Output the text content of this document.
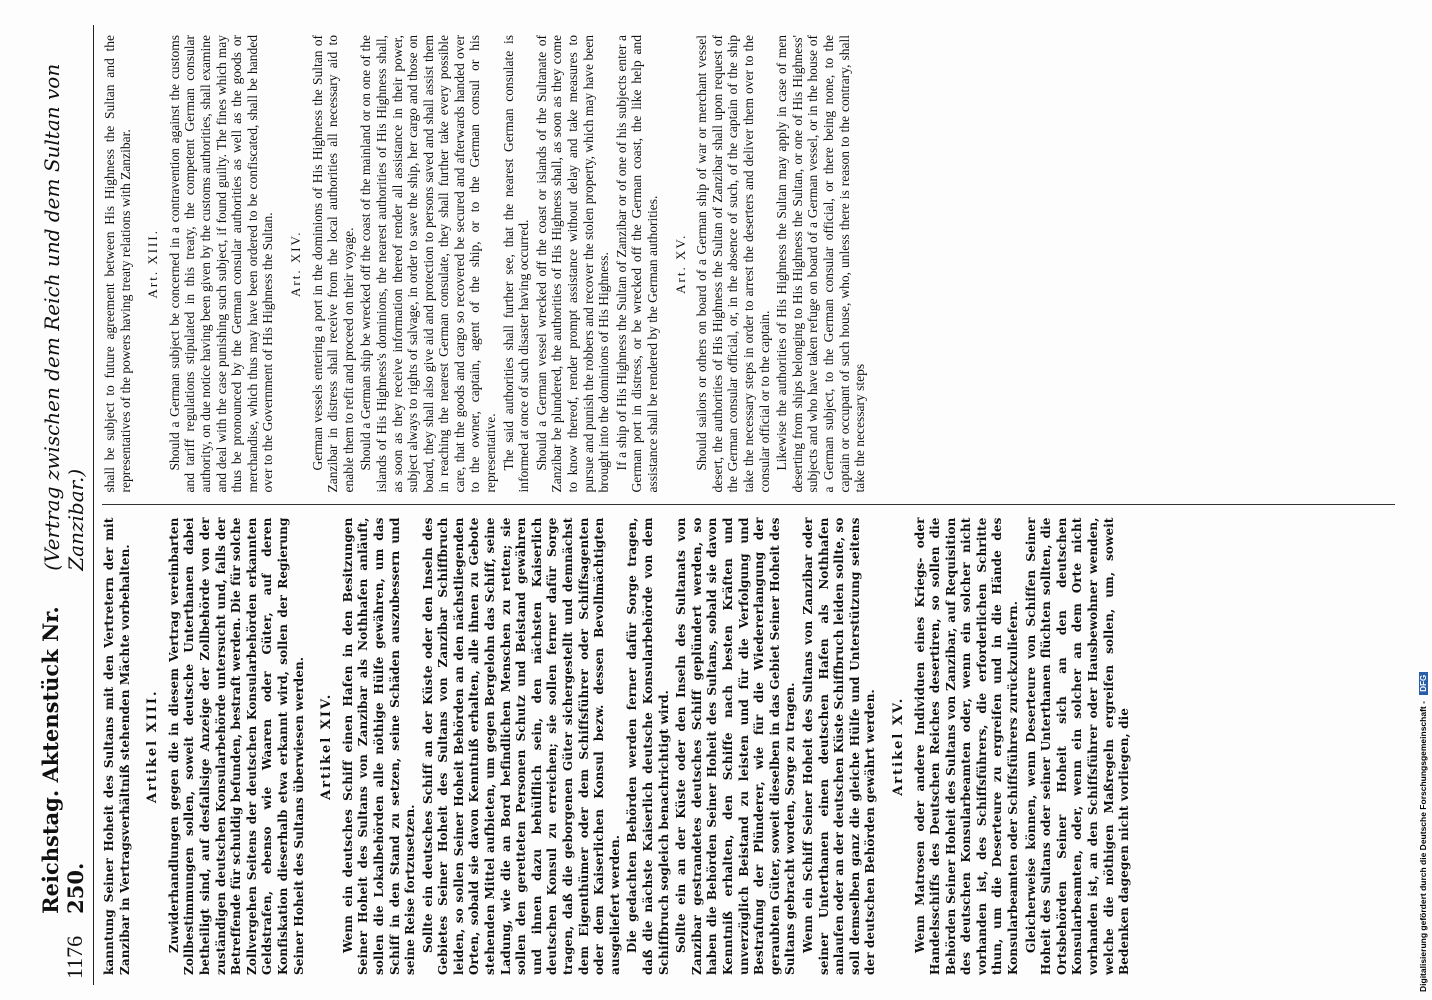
1176
Reichstag. Aktenstück Nr. 250.
(Vertrag zwischen dem Reich und dem Sultan von Zanzibar.) kanntung Seiner Hoheit des Sultans mit den Vertretern der mit Zanzibar in Vertragsverhältniß stehenden Mächte vorbehalten. Artikel XIII. Zuwiderhandlungen gegen die in diesem Vertrag vereinbarten Zollbestimmungen sollen, soweit deutsche Unterthanen dabei betheiligt sind, auf desfallsige Anzeige der Zollbehörde von der zuständigen deutschen Konsularbehörde untersucht und, falls der Betreffende für schuldig befunden, bestraft werden. Die für solche Zollvergehen Seitens der deutschen Konsularbehörden erkannten Geldstrafen, ebenso wie Waaren oder Güter, auf deren Konfiskation dieserhalb etwa erkannt wird, sollen der Regierung Seiner Hoheit des Sultans überwiesen werden. Artikel XIV. Wenn ein deutsches Schiff einen Hafen in den Besitzungen Seiner Hoheit des Sultans von Zanzibar als Nothhafen anläuft, sollen die Lokalbehörden alle nöthige Hülfe gewähren, um das Schiff in den Stand zu setzen, seine Schäden auszubessern und seine Reise fortzusetzen. Sollte ein deutsches Schiff an der Küste oder den Inseln des Gebietes Seiner Hoheit des Sultans von Zanzibar Schiffbruch leiden, so sollen Seiner Hoheit Behörden an den nächstliegenden Orten, sobald sie davon Kenntniß erhalten, alle ihnen zu Gebote stehenden Mittel aufbieten, um gegen Bergelohn das Schiff, seine Ladung, wie die an Bord befindlichen Menschen zu retten; sie sollen den geretteten Personen Schutz und Beistand gewähren und ihnen dazu behülflich sein, den nächsten Kaiserlich deutschen Konsul zu erreichen; sie sollen ferner dafür Sorge tragen, daß die geborgenen Güter sichergestellt und demnächst dem Eigenthümer oder dem Schiffsführer oder Schiffsagenten oder dem Kaiserlichen Konsul bezw. dessen Bevollmächtigten ausgeliefert werden. Die gedachten Behörden werden ferner dafür Sorge tragen, daß die nächste Kaiserlich deutsche Konsularbehörde von dem Schiffbruch sogleich benachrichtigt wird. Sollte ein an der Küste oder den Inseln des Sultanats von Zanzibar gestrandetes deutsches Schiff geplündert werden, so haben die Behörden Seiner Hoheit des Sultans, sobald sie davon Kenntniß erhalten, den Schiffe nach besten Kräften und unverzüglich Beistand zu leisten und für die Verfolgung und Bestrafung der Plünderer, wie für die Wiedererlangung der geraubten Güter, soweit dieselben in das Gebiet Seiner Hoheit des Sultans gebracht worden, Sorge zu tragen. Wenn ein Schiff Seiner Hoheit des Sultans von Zanzibar oder seiner Unterthanen einen deutschen Hafen als Nothhafen anlaufen oder an der deutschen Küste Schiffbruch leiden sollte, so soll demselben ganz die gleiche Hülfe und Unterstützung seitens der deutschen Behörden gewährt werden. Artikel XV. Wenn Matrosen oder andere Individuen eines Kriegs- oder Handelsschiffs des Deutschen Reiches desertiren, so sollen die Behörden Seiner Hoheit des Sultans von Zanzibar, auf Requisition des deutschen Konsularbeamten oder, wenn ein solcher nicht vorhanden ist, des Schiffsführers, die erforderlichen Schritte thun, um die Deserteure zu ergreifen und in die Hände des Konsularbeamten oder Schiffsführers zurückzuliefern. Gleicherweise können, wenn Deserteure von Schiffen Seiner Hoheit des Sultans oder seiner Unterthanen flüchten sollten, die Ortsbehörden Seiner Hoheit sich an den deutschen Konsularbeamten, oder, wenn ein solcher an dem Orte nicht vorhanden ist, an den Schiffsführer oder Hausbewohner wenden, welche die nöthigen Maßregeln ergreifen sollen, um, soweit Bedenken dagegen nicht vorliegen, die

shall be subject to future agreement between His Highness the Sultan and the representatives of the powers having treaty relations with Zanzibar. Art. XIII. Should a German subject be concerned in a contravention against the customs and tariff regulations stipulated in this treaty, the competent German consular authority, on due notice having been given by the customs authorities, shall examine and deal with the case punishing such subject, if found guilty. The fines which may thus be pronounced by the German consular authorities as well as the goods or merchandise, which thus may have been ordered to be confiscated, shall be handed over to the Government of His Highness the Sultan. Art. XIV. German vessels entering a port in the dominions of His Highness the Sultan of Zanzibar in distress shall receive from the local authorities all necessary aid to enable them to refit and proceed on their voyage. Should a German ship be wrecked off the coast of the mainland or on one of the islands of His Highness's dominions, the nearest authorities of His Highness shall, as soon as they receive information thereof render all assistance in their power, subject always to rights of salvage, in order to save the ship, her cargo and those on board, they shall also give aid and protection to persons saved and shall assist them in reaching the nearest German consulate, they shall further take every possible care, that the goods and cargo so recovered be secured and afterwards handed over to the owner, captain, agent of the ship, or to the German consul or his representative. The said authorities shall further see, that the nearest German consulate is informed at once of such disaster having occurred. Should a German vessel wrecked off the coast or islands of the Sultanate of Zanzibar be plundered, the authorities of His Highness shall, as soon as they come to know thereof, render prompt assistance without delay and take measures to pursue and punish the robbers and recover the stolen property, which may have been brought into the dominions of His Highness. If a ship of His Highness the Sultan of Zanzibar or of one of his subjects enter a German port in distress, or be wrecked off the German coast, the like help and assistance shall be rendered by the German authorities. Art. XV. Should sailors or others on board of a German ship of war or merchant vessel desert, the authorities of His Highness the Sultan of Zanzibar shall upon request of the German consular official, or, in the absence of such, of the captain of the ship take the necessary steps in order to arrest the deserters and deliver them over to the consular official or to the captain. Likewise the authorities of His Highness the Sultan may apply in case of men deserting from ships belonging to His Highness the Sultan, or one of His Highness' subjects and who have taken refuge on board of a German vessel, or in the house of a German subject, to the German consular official, or there being none, to the captain or occupant of such house, who, unless there is reason to the contrary, shall take the necessary steps

Digitalisierung gefördert durch die Deutsche Forschungsgemeinschaft - DFG
